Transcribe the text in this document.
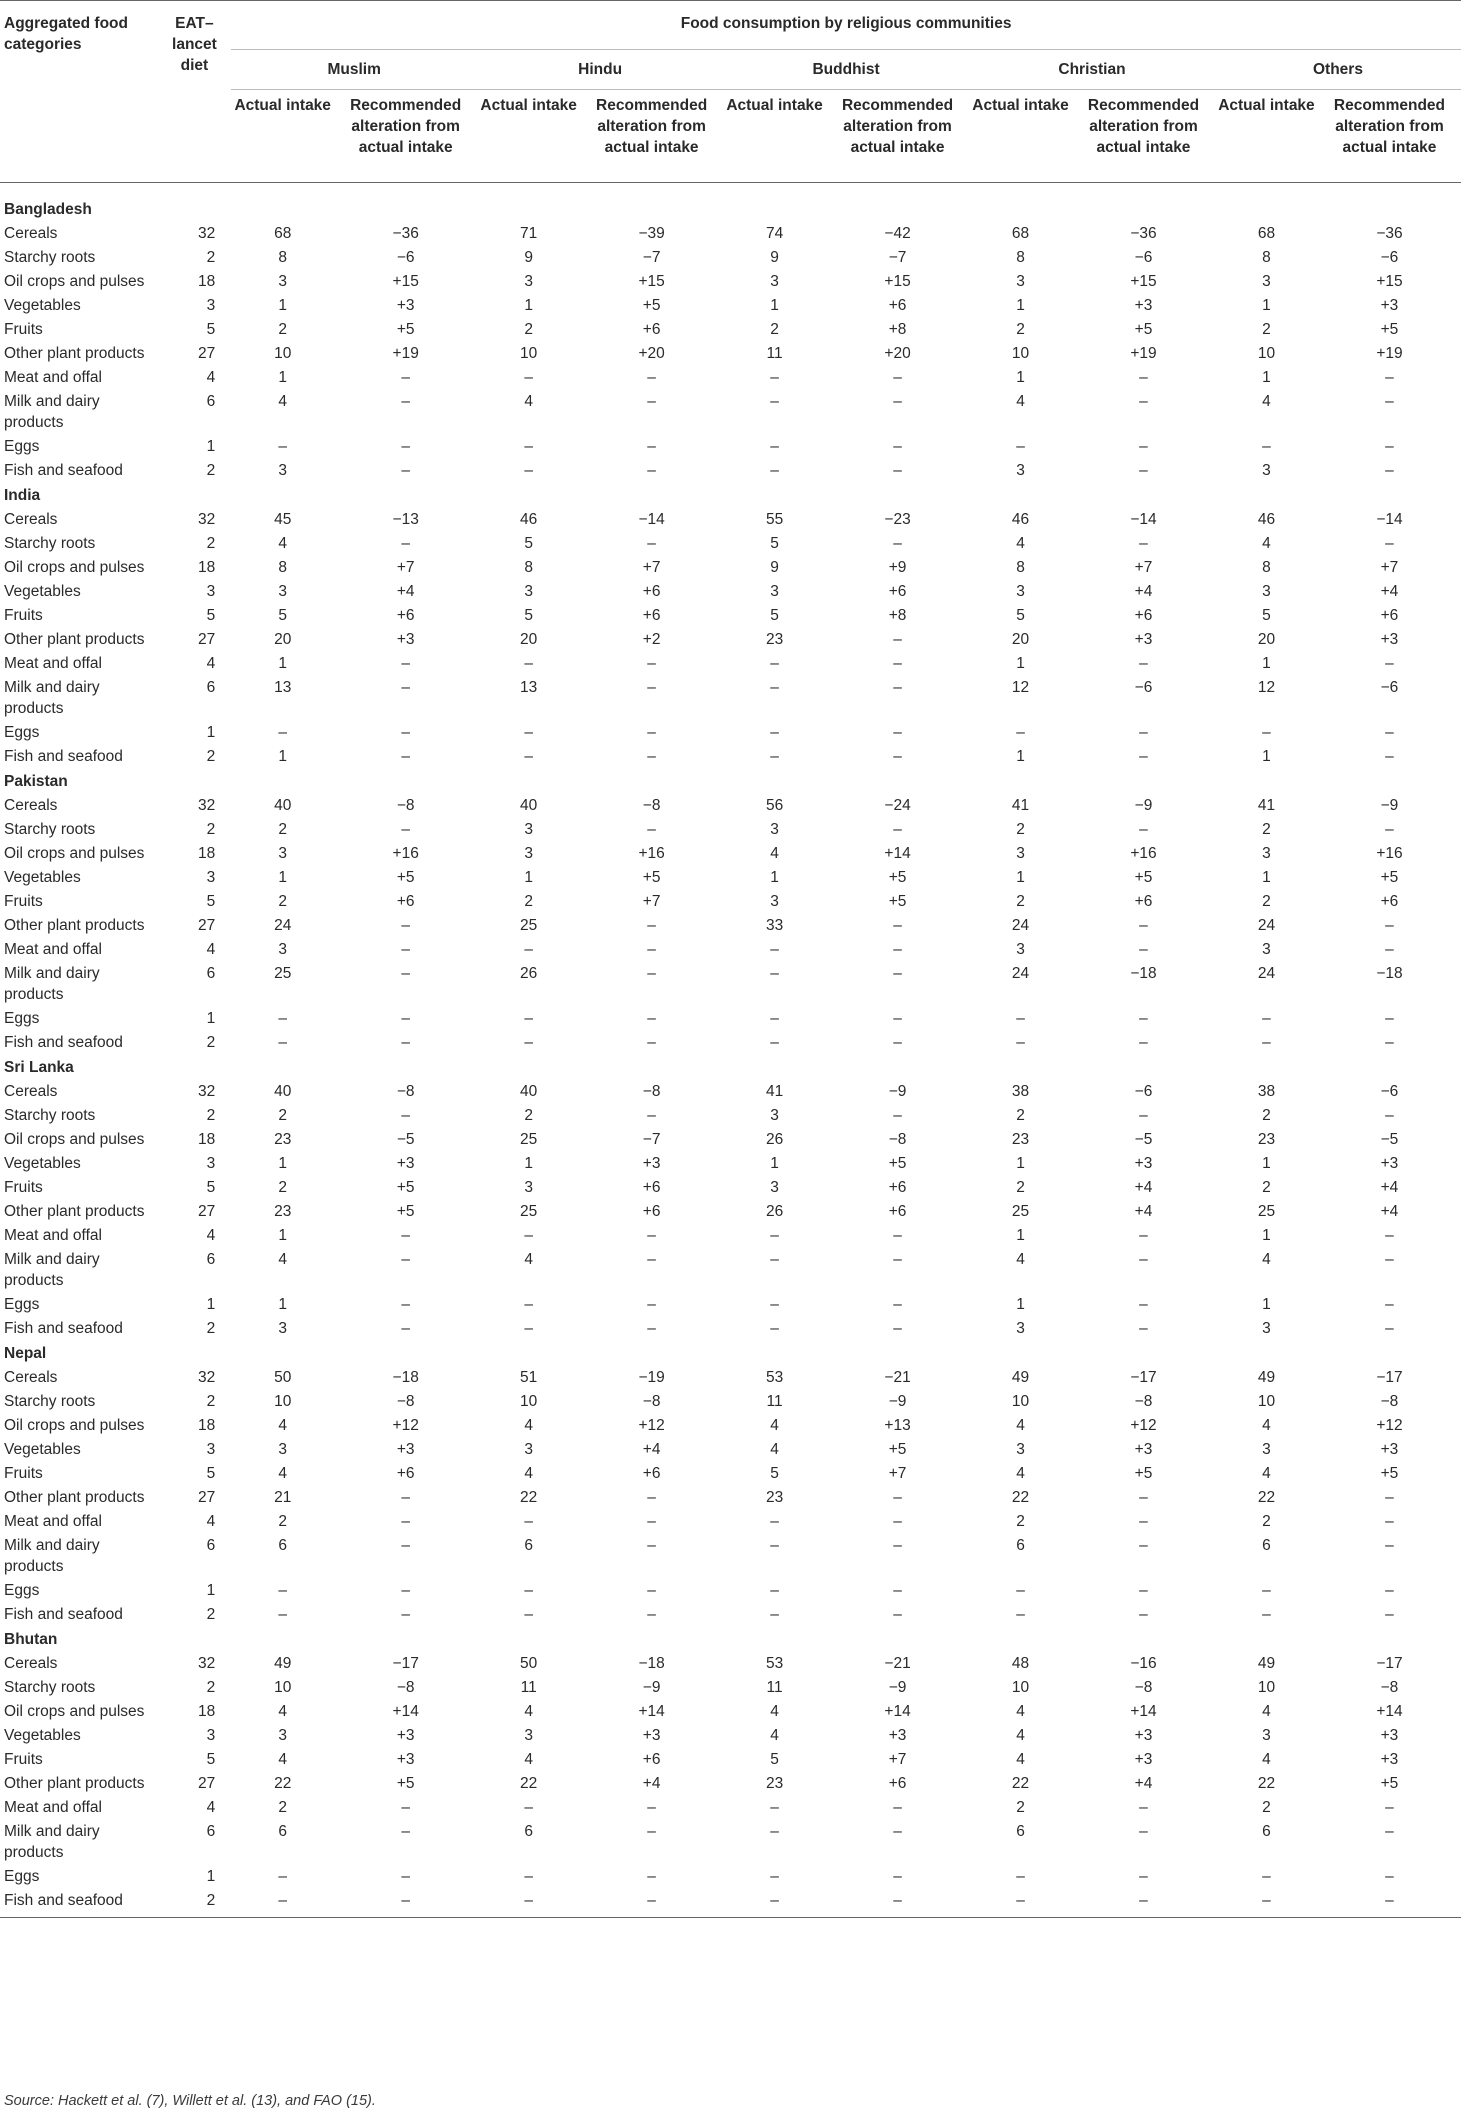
Aggregated food categories	EAT–lancet diet	Food consumption by religious communities									
		Muslim		Hindu		Buddhist		Christian		Others	
		Actual intake	Recommended alteration from actual intake	Actual intake	Recommended alteration from actual intake	Actual intake	Recommended alteration from actual intake	Actual intake	Recommended alteration from actual intake	Actual intake	Recommended alteration from actual intake
Bangladesh											
Cereals	32	68	−36	71	−39	74	−42	68	−36	68	−36
Starchy roots	2	8	−6	9	−7	9	−7	8	−6	8	−6
Oil crops and pulses	18	3	+15	3	+15	3	+15	3	+15	3	+15
Vegetables	3	1	+3	1	+5	1	+6	1	+3	1	+3
Fruits	5	2	+5	2	+6	2	+8	2	+5	2	+5
Other plant products	27	10	+19	10	+20	11	+20	10	+19	10	+19
Meat and offal	4	1	–	–	–	–	–	1	–	1	–
Milk and dairy products	6	4	–	4	–	–	–	4	–	4	–
Eggs	1	–	–	–	–	–	–	–	–	–	–
Fish and seafood	2	3	–	–	–	–	–	3	–	3	–
India											
Cereals	32	45	−13	46	−14	55	−23	46	−14	46	−14
Starchy roots	2	4	–	5	–	5	–	4	–	4	–
Oil crops and pulses	18	8	+7	8	+7	9	+9	8	+7	8	+7
Vegetables	3	3	+4	3	+6	3	+6	3	+4	3	+4
Fruits	5	5	+6	5	+6	5	+8	5	+6	5	+6
Other plant products	27	20	+3	20	+2	23	–	20	+3	20	+3
Meat and offal	4	1	–	–	–	–	–	1	–	1	–
Milk and dairy products	6	13	–	13	–	–	–	12	−6	12	−6
Eggs	1	–	–	–	–	–	–	–	–	–	–
Fish and seafood	2	1	–	–	–	–	–	1	–	1	–
Pakistan											
Cereals	32	40	−8	40	−8	56	−24	41	−9	41	−9
Starchy roots	2	2	–	3	–	3	–	2	–	2	–
Oil crops and pulses	18	3	+16	3	+16	4	+14	3	+16	3	+16
Vegetables	3	1	+5	1	+5	1	+5	1	+5	1	+5
Fruits	5	2	+6	2	+7	3	+5	2	+6	2	+6
Other plant products	27	24	–	25	–	33	–	24	–	24	–
Meat and offal	4	3	–	–	–	–	–	3	–	3	–
Milk and dairy products	6	25	–	26	–	–	–	24	−18	24	−18
Eggs	1	–	–	–	–	–	–	–	–	–	–
Fish and seafood	2	–	–	–	–	–	–	–	–	–	–
Sri Lanka											
Cereals	32	40	−8	40	−8	41	−9	38	−6	38	−6
Starchy roots	2	2	–	2	–	3	–	2	–	2	–
Oil crops and pulses	18	23	−5	25	−7	26	−8	23	−5	23	−5
Vegetables	3	1	+3	1	+3	1	+5	1	+3	1	+3
Fruits	5	2	+5	3	+6	3	+6	2	+4	2	+4
Other plant products	27	23	+5	25	+6	26	+6	25	+4	25	+4
Meat and offal	4	1	–	–	–	–	–	1	–	1	–
Milk and dairy products	6	4	–	4	–	–	–	4	–	4	–
Eggs	1	1	–	–	–	–	–	1	–	1	–
Fish and seafood	2	3	–	–	–	–	–	3	–	3	–
Nepal											
Cereals	32	50	−18	51	−19	53	−21	49	−17	49	−17
Starchy roots	2	10	−8	10	−8	11	−9	10	−8	10	−8
Oil crops and pulses	18	4	+12	4	+12	4	+13	4	+12	4	+12
Vegetables	3	3	+3	3	+4	4	+5	3	+3	3	+3
Fruits	5	4	+6	4	+6	5	+7	4	+5	4	+5
Other plant products	27	21	–	22	–	23	–	22	–	22	–
Meat and offal	4	2	–	–	–	–	–	2	–	2	–
Milk and dairy products	6	6	–	6	–	–	–	6	–	6	–
Eggs	1	–	–	–	–	–	–	–	–	–	–
Fish and seafood	2	–	–	–	–	–	–	–	–	–	–
Bhutan											
Cereals	32	49	−17	50	−18	53	−21	48	−16	49	−17
Starchy roots	2	10	−8	11	−9	11	−9	10	−8	10	−8
Oil crops and pulses	18	4	+14	4	+14	4	+14	4	+14	4	+14
Vegetables	3	3	+3	3	+3	4	+3	4	+3	3	+3
Fruits	5	4	+3	4	+6	5	+7	4	+3	4	+3
Other plant products	27	22	+5	22	+4	23	+6	22	+4	22	+5
Meat and offal	4	2	–	–	–	–	–	2	–	2	–
Milk and dairy products	6	6	–	6	–	–	–	6	–	6	–
Eggs	1	–	–	–	–	–	–	–	–	–	–
Fish and seafood	2	–	–	–	–	–	–	–	–	–	–

Source: Hackett et al. (7), Willett et al. (13), and FAO (15).
